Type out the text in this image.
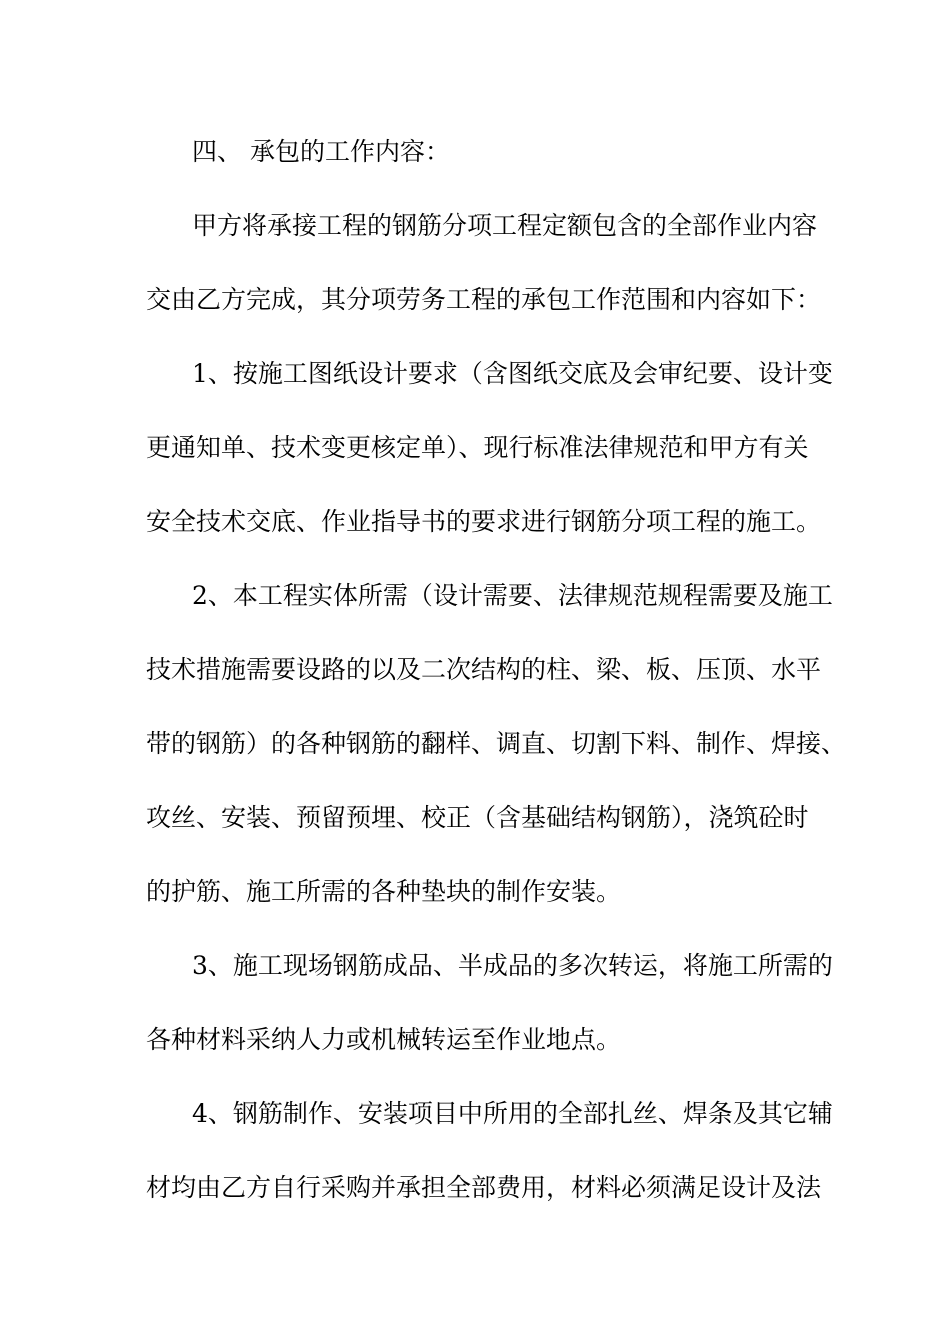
四、 承包的工作内容：
甲方将承接工程的钢筋分项工程定额包含的全部作业内容
交由乙方完成，其分项劳务工程的承包工作范围和内容如下：
1、按施工图纸设计要求（含图纸交底及会审纪要、设计变
更通知单、技术变更核定单）、现行标准法律规范和甲方有关
安全技术交底、作业指导书的要求进行钢筋分项工程的施工。
2、本工程实体所需（设计需要、法律规范规程需要及施工
技术措施需要设路的以及二次结构的柱、梁、板、压顶、水平
带的钢筋）的各种钢筋的翻样、调直、切割下料、制作、焊接、
攻丝、安装、预留预埋、校正（含基础结构钢筋），浇筑砼时
的护筋、施工所需的各种垫块的制作安装。
3、施工现场钢筋成品、半成品的多次转运，将施工所需的
各种材料采纳人力或机械转运至作业地点。
4、钢筋制作、安装项目中所用的全部扎丝、焊条及其它辅
材均由乙方自行采购并承担全部费用，材料必须满足设计及法
